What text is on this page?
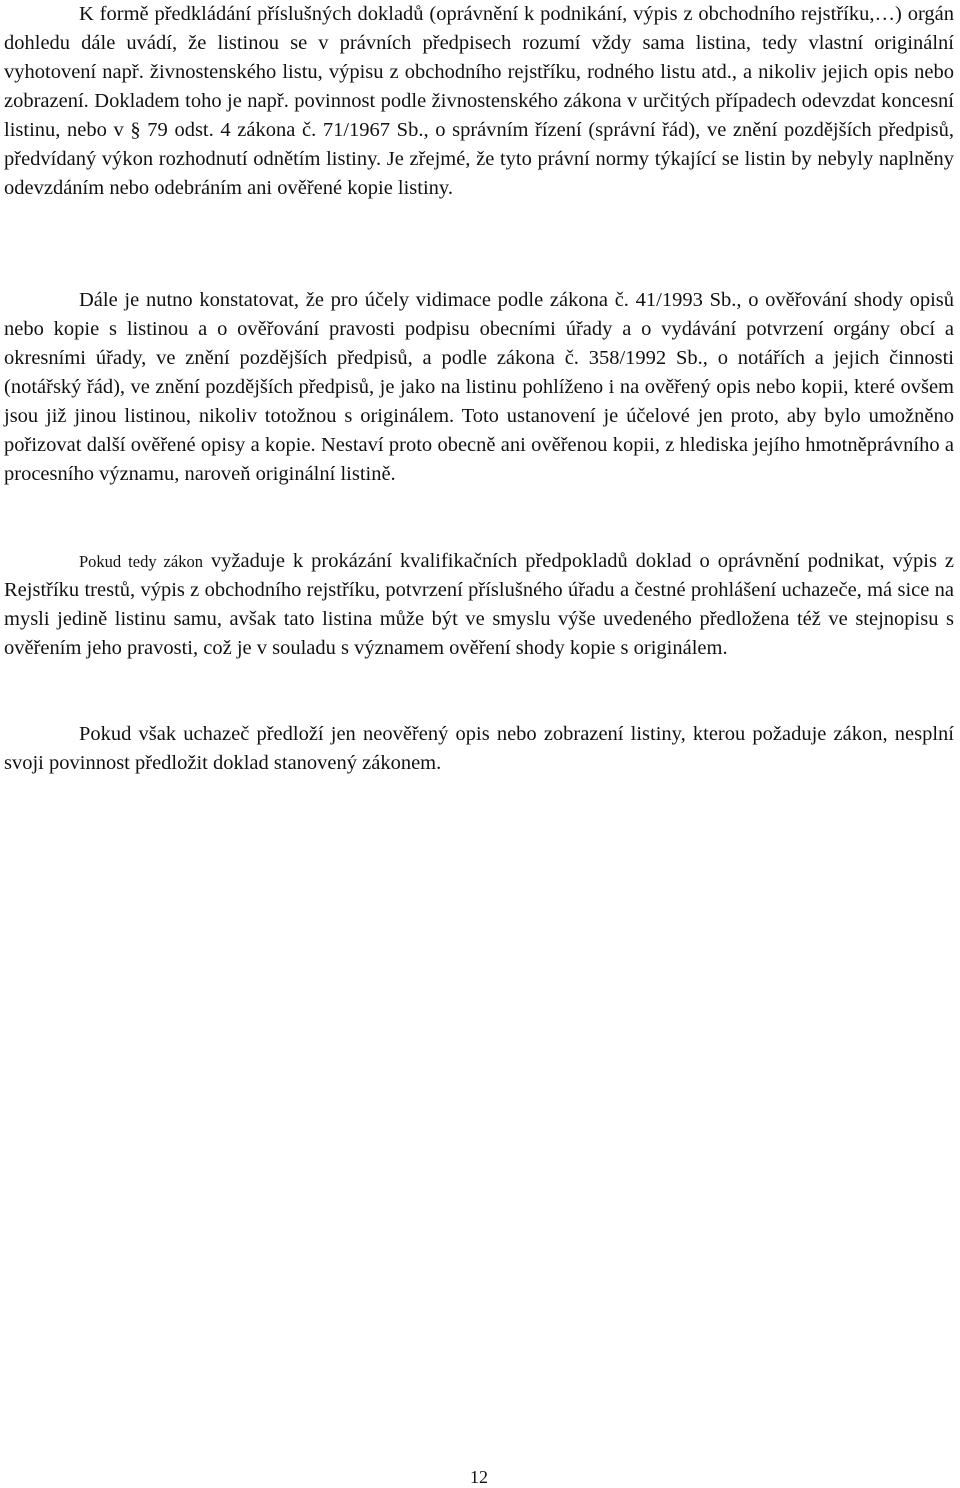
K formě předkládání příslušných dokladů (oprávnění k podnikání, výpis z obchodního rejstříku,…) orgán dohledu dále uvádí, že listinou se v právních předpisech rozumí vždy sama listina, tedy vlastní originální vyhotovení např. živnostenského listu, výpisu z obchodního rejstříku, rodného listu atd., a nikoliv jejich opis nebo zobrazení. Dokladem toho je např. povinnost podle živnostenského zákona v určitých případech odevzdat koncesní listinu, nebo v § 79 odst. 4 zákona č. 71/1967 Sb., o správním řízení (správní řád), ve znění pozdějších předpisů, předvídaný výkon rozhodnutí odnětím listiny. Je zřejmé, že tyto právní normy týkající se listin by nebyly naplněny odevzdáním nebo odebráním ani ověřené kopie listiny.

Dále je nutno konstatovat, že pro účely vidimace podle zákona č. 41/1993 Sb., o ověřování shody opisů nebo kopie s listinou a o ověřování pravosti podpisu obecními úřady a o vydávání potvrzení orgány obcí a okresními úřady, ve znění pozdějších předpisů, a podle zákona č. 358/1992 Sb., o notářích a jejich činnosti (notářský řád), ve znění pozdějších předpisů, je jako na listinu pohlíženo i na ověřený opis nebo kopii, které ovšem jsou již jinou listinou, nikoliv totožnou s originálem. Toto ustanovení je účelové jen proto, aby bylo umožněno pořizovat další ověřené opisy a kopie. Nestaví proto obecně ani ověřenou kopii, z hlediska jejího hmotněprávního a procesního významu, naroveň originální listině.

Pokud tedy zákon vyžaduje k prokázání kvalifikačních předpokladů doklad o oprávnění podnikat, výpis z Rejstříku trestů, výpis z obchodního rejstříku, potvrzení příslušného úřadu a čestné prohlášení uchazeče, má sice na mysli jedině listinu samu, avšak tato listina může být ve smyslu výše uvedeného předložena též ve stejnopisu s ověřením jeho pravosti, což je v souladu s významem ověření shody kopie s originálem.

Pokud však uchazeč předloží jen neověřený opis nebo zobrazení listiny, kterou požaduje zákon, nesplní svoji povinnost předložit doklad stanovený zákonem.

12
